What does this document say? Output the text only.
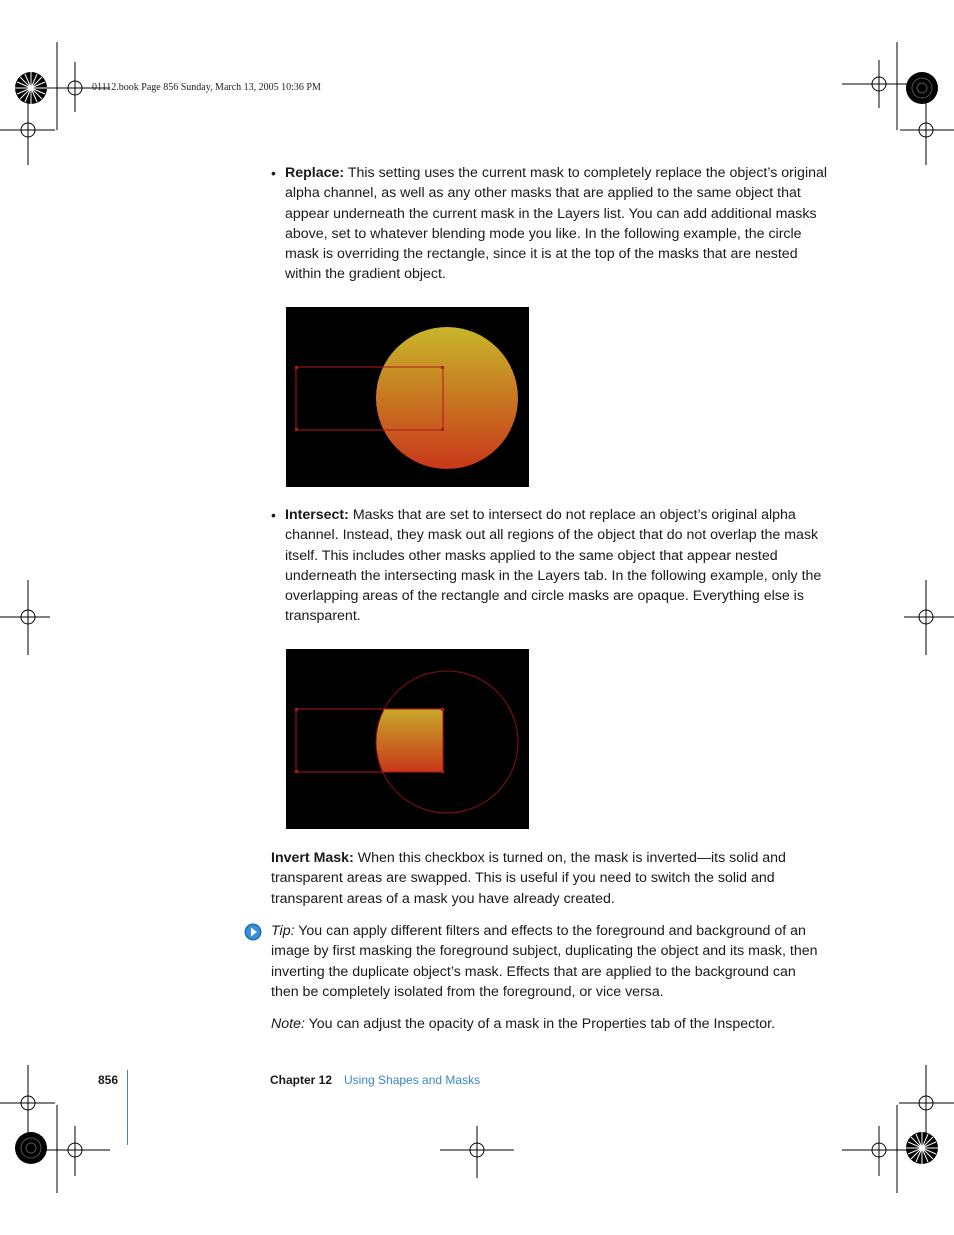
01112.book Page 856 Sunday, March 13, 2005 10:36 PM
• Replace: This setting uses the current mask to completely replace the object’s original alpha channel, as well as any other masks that are applied to the same object that appear underneath the current mask in the Layers list. You can add additional masks above, set to whatever blending mode you like. In the following example, the circle mask is overriding the rectangle, since it is at the top of the masks that are nested within the gradient object.
• Intersect: Masks that are set to intersect do not replace an object’s original alpha channel. Instead, they mask out all regions of the object that do not overlap the mask itself. This includes other masks applied to the same object that appear nested underneath the intersecting mask in the Layers tab. In the following example, only the overlapping areas of the rectangle and circle masks are opaque. Everything else is transparent.
Invert Mask: When this checkbox is turned on, the mask is inverted—its solid and transparent areas are swapped. This is useful if you need to switch the solid and transparent areas of a mask you have already created.
Tip: You can apply different filters and effects to the foreground and background of an image by first masking the foreground subject, duplicating the object and its mask, then inverting the duplicate object’s mask. Effects that are applied to the background can then be completely isolated from the foreground, or vice versa.
Note: You can adjust the opacity of a mask in the Properties tab of the Inspector.
856	Chapter 12 Using Shapes and Masks
